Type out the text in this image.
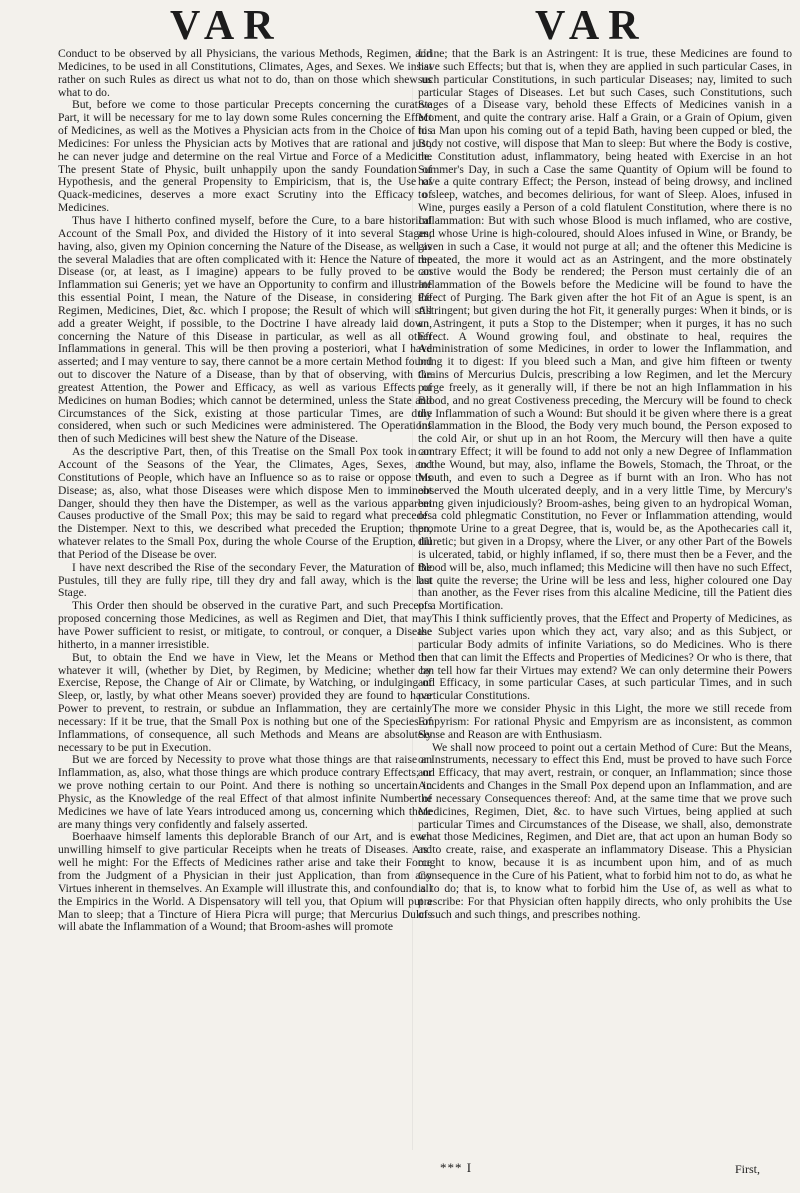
VAR	VAR

Conduct to be observed by all Physicians, the various Methods, Regimen, and Medicines, to be used in all Constitutions, Climates, Ages, and Sexes. We insist rather on such Rules as direct us what not to do, than on those which shew us what to do.

But, before we come to those particular Precepts concerning the curative Part, it will be necessary for me to lay down some Rules concerning the Effect of Medicines, as well as the Motives a Physician acts from in the Choice of his Medicines: For unless the Physician acts by Motives that are rational and just, he can never judge and determine on the real Virtue and Force of a Medicine. The present State of Physic, built unhappily upon the sandy Foundation of Hypothesis, and the general Propensity to Empiricism, that is, the Use of Quack-medicines, deserves a more exact Scrutiny into the Efficacy of Medicines.

Thus have I hitherto confined myself, before the Cure, to a bare historical Account of the Small Pox, and divided the History of it into several Stages; having, also, given my Opinion concerning the Nature of the Disease, as well as the several Maladies that are often complicated with it: Hence the Nature of the Disease (or, at least, as I imagine) appears to be fully proved to be an Inflammation sui Generis; yet we have an Opportunity to confirm and illustrate this essential Point, I mean, the Nature of the Disease, in considering the Regimen, Medicines, Diet, &c. which I propose; the Result of which will still add a greater Weight, if possible, to the Doctrine I have already laid down, concerning the Nature of this Disease in particular, as well as all other Inflammations in general. This will be then proving a posteriori, what I have asserted; and I may venture to say, there cannot be a more certain Method found out to discover the Nature of a Disease, than by that of observing, with the greatest Attention, the Power and Efficacy, as well as various Effects of Medicines on human Bodies; which cannot be determined, unless the State and Circumstances of the Sick, existing at those particular Times, are duly considered, when such or such Medicines were administered. The Operations then of such Medicines will best shew the Nature of the Disease.

As the descriptive Part, then, of this Treatise on the Small Pox took in an Account of the Seasons of the Year, the Climates, Ages, Sexes, and Constitutions of People, which have an Influence so as to raise or oppose this Disease; as, also, what those Diseases were which dispose Men to imminent Danger, should they then have the Distemper, as well as the various apparent Causes productive of the Small Pox; this may be said to regard what precedes the Distemper. Next to this, we described what preceded the Eruption; then, whatever relates to the Small Pox, during the whole Course of the Eruption, till that Period of the Disease be over.

I have next described the Rise of the secondary Fever, the Maturation of the Pustules, till they are fully ripe, till they dry and fall away, which is the last Stage.

This Order then should be observed in the curative Part, and such Precepts proposed concerning those Medicines, as well as Regimen and Diet, that may have Power sufficient to resist, or mitigate, to controul, or conquer, a Disease hitherto, in a manner irresistible.

But, to obtain the End we have in View, let the Means or Method be whatever it will, (whether by Diet, by Regimen, by Medicine; whether by Exercise, Repose, the Change of Air or Climate, by Watching, or indulging of Sleep, or, lastly, by what other Means soever) provided they are found to have Power to prevent, to restrain, or subdue an Inflammation, they are certainly necessary: If it be true, that the Small Pox is nothing but one of the Species of Inflammations, of consequence, all such Methods and Means are absolutely necessary to be put in Execution.

But we are forced by Necessity to prove what those things are that raise an Inflammation, as, also, what those things are which produce contrary Effects; or we prove nothing certain to our Point. And there is nothing so uncertain in Physic, as the Knowledge of the real Effect of that almost infinite Number of Medicines we have of late Years introduced among us, concerning which there are many things very confidently and falsely asserted.

Boerhaave himself laments this deplorable Branch of our Art, and is even unwilling himself to give particular Receipts when he treats of Diseases. And well he might: For the Effects of Medicines rather arise and take their Force from the Judgment of a Physician in their just Application, than from any Virtues inherent in themselves. An Example will illustrate this, and confound all the Empirics in the World. A Dispensatory will tell you, that Opium will put a Man to sleep; that a Tincture of Hiera Picra will purge; that Mercurius Dulcis will abate the Inflammation of a Wound; that Broom-ashes will promote

Urine; that the Bark is an Astringent: It is true, these Medicines are found to have such Effects; but that is, when they are applied in such particular Cases, in such particular Constitutions, in such particular Diseases; nay, limited to such particular Stages of Diseases. Let but such Cases, such Constitutions, such Stages of a Disease vary, behold these Effects of Medicines vanish in a Moment, and quite the contrary arise. Half a Grain, or a Grain of Opium, given to a Man upon his coming out of a tepid Bath, having been cupped or bled, the Body not costive, will dispose that Man to sleep: But where the Body is costive, the Constitution adust, inflammatory, being heated with Exercise in an hot Summer's Day, in such a Case the same Quantity of Opium will be found to have a quite contrary Effect; the Person, instead of being drowsy, and inclined to sleep, watches, and becomes delirious, for want of Sleep. Aloes, infused in Wine, purges easily a Person of a cold flatulent Constitution, where there is no Inflammation: But with such whose Blood is much inflamed, who are costive, and whose Urine is high-coloured, should Aloes infused in Wine, or Brandy, be given in such a Case, it would not purge at all; and the oftener this Medicine is repeated, the more it would act as an Astringent, and the more obstinately costive would the Body be rendered; the Person must certainly die of an Inflammation of the Bowels before the Medicine will be found to have the Effect of Purging. The Bark given after the hot Fit of an Ague is spent, is an Astringent; but given during the hot Fit, it generally purges: When it binds, or is an Astringent, it puts a Stop to the Distemper; when it purges, it has no such Effect. A Wound growing foul, and obstinate to heal, requires the Administration of some Medicines, in order to lower the Inflammation, and bring it to digest: If you bleed such a Man, and give him fifteen or twenty Grains of Mercurius Dulcis, prescribing a low Regimen, and let the Mercury purge freely, as it generally will, if there be not an high Inflammation in his Blood, and no great Costiveness preceding, the Mercury will be found to check the Inflammation of such a Wound: But should it be given where there is a great Inflammation in the Blood, the Body very much bound, the Person exposed to the cold Air, or shut up in an hot Room, the Mercury will then have a quite contrary Effect; it will be found to add not only a new Degree of Inflammation to the Wound, but may, also, inflame the Bowels, Stomach, the Throat, or the Mouth, and even to such a Degree as if burnt with an Iron. Who has not observed the Mouth ulcerated deeply, and in a very little Time, by Mercury's being given injudiciously? Broom-ashes, being given to an hydropical Woman, of a cold phlegmatic Constitution, no Fever or Inflammation attending, would promote Urine to a great Degree, that is, would be, as the Apothecaries call it, diuretic; but given in a Dropsy, where the Liver, or any other Part of the Bowels is ulcerated, tabid, or highly inflamed, if so, there must then be a Fever, and the Blood will be, also, much inflamed; this Medicine will then have no such Effect, but quite the reverse; the Urine will be less and less, higher coloured one Day than another, as the Fever rises from this alcaline Medicine, till the Patient dies of a Mortification.

This I think sufficiently proves, that the Effect and Property of Medicines, as the Subject varies upon which they act, vary also; and as this Subject, or particular Body admits of infinite Variations, so do Medicines. Who is there then that can limit the Effects and Properties of Medicines? Or who is there, that can tell how far their Virtues may extend? We can only determine their Powers and Efficacy, in some particular Cases, at such particular Times, and in such particular Constitutions.

The more we consider Physic in this Light, the more we still recede from Empyrism: For rational Physic and Empyrism are as inconsistent, as common Sense and Reason are with Enthusiasm.

We shall now proceed to point out a certain Method of Cure: But the Means, or Instruments, necessary to effect this End, must be proved to have such Force and Efficacy, that may avert, restrain, or conquer, an Inflammation; since those Accidents and Changes in the Small Pox depend upon an Inflammation, and are the necessary Consequences thereof: And, at the same time that we prove such Medicines, Regimen, Diet, &c. to have such Virtues, being applied at such particular Times and Circumstances of the Disease, we shall, also, demonstrate what those Medicines, Regimen, and Diet are, that act upon an human Body so as to create, raise, and exasperate an inflammatory Disease. This a Physician ought to know, because it is as incumbent upon him, and of as much Consequence in the Cure of his Patient, what to forbid him not to do, as what he is to do; that is, to know what to forbid him the Use of, as well as what to prescribe: For that Physician often happily directs, who only prohibits the Use of such and such things, and prescribes nothing.

*** I	First,
